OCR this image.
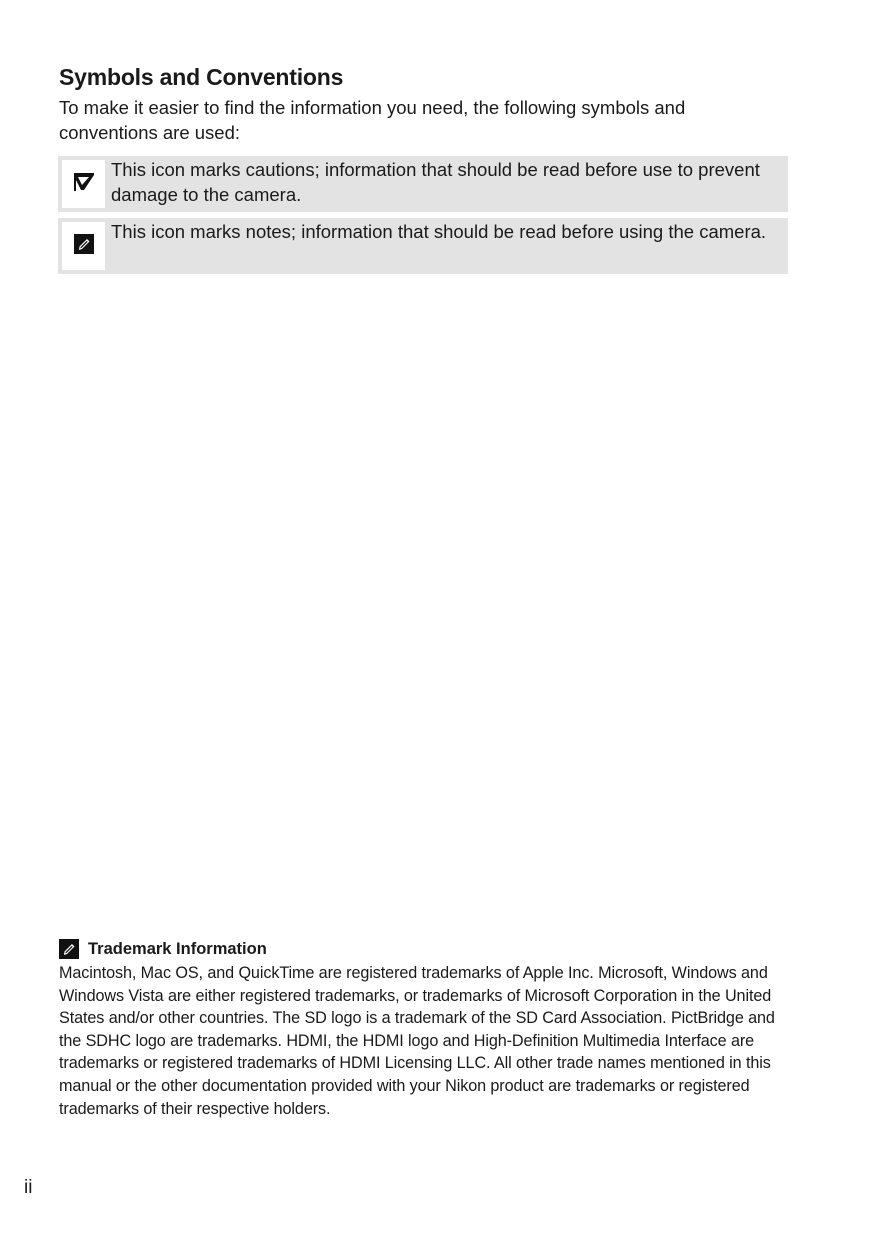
Symbols and Conventions

To make it easier to find the information you need, the following symbols and conventions are used:

This icon marks cautions; information that should be read before use to prevent damage to the camera.
This icon marks notes; information that should be read before using the camera.
Trademark Information

Macintosh, Mac OS, and QuickTime are registered trademarks of Apple Inc. Microsoft, Windows and Windows Vista are either registered trademarks, or trademarks of Microsoft Corporation in the United States and/or other countries. The SD logo is a trademark of the SD Card Association. PictBridge and the SDHC logo are trademarks. HDMI, the HDMI logo and High-Definition Multimedia Interface are trademarks or registered trademarks of HDMI Licensing LLC. All other trade names mentioned in this manual or the other documentation provided with your Nikon product are trademarks or registered trademarks of their respective holders.

ii
